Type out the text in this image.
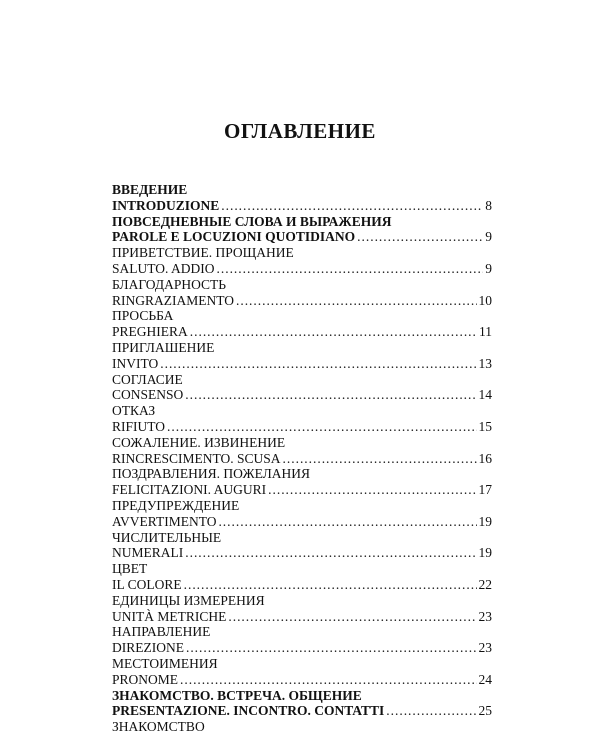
ОГЛАВЛЕНИЕ
ВВЕДЕНИЕ
INTRODUZIONE . . .	8
ПОВСЕДНЕВНЫЕ СЛОВА И ВЫРАЖЕНИЯ
PAROLE E LOCUZIONI QUOTIDIANO . . .	9
ПРИВЕТСТВИЕ. ПРОЩАНИЕ
SALUTO. ADDIO . . .	9
БЛАГОДАРНОСТЬ
RINGRAZIAMENTO . . .	10
ПРОСЬБА
PREGHIERA . . .	11
ПРИГЛАШЕНИЕ
INVITO . . .	13
СОГЛАСИЕ
CONSENSO . . .	14
ОТКАЗ
RIFIUTO . . .	15
СОЖАЛЕНИЕ. ИЗВИНЕНИЕ
RINCRESCIMENTO. SCUSA . . .	16
ПОЗДРАВЛЕНИЯ. ПОЖЕЛАНИЯ
FELICITAZIONI. AUGURI . . .	17
ПРЕДУПРЕЖДЕНИЕ
AVVERTIMENTO . . .	19
ЧИСЛИТЕЛЬНЫЕ
NUMERALI . . .	19
ЦВЕТ
IL COLORE . . .	22
ЕДИНИЦЫ ИЗМЕРЕНИЯ
UNITÀ METRICHE . . .	23
НАПРАВЛЕНИЕ
DIREZIONE . . .	23
МЕСТОИМЕНИЯ
PRONOME . . .	24
ЗНАКОМСТВО. ВСТРЕЧА. ОБЩЕНИЕ
PRESENTAZIONE. INCONTRO. CONTATTI . . .	25
ЗНАКОМСТВО
